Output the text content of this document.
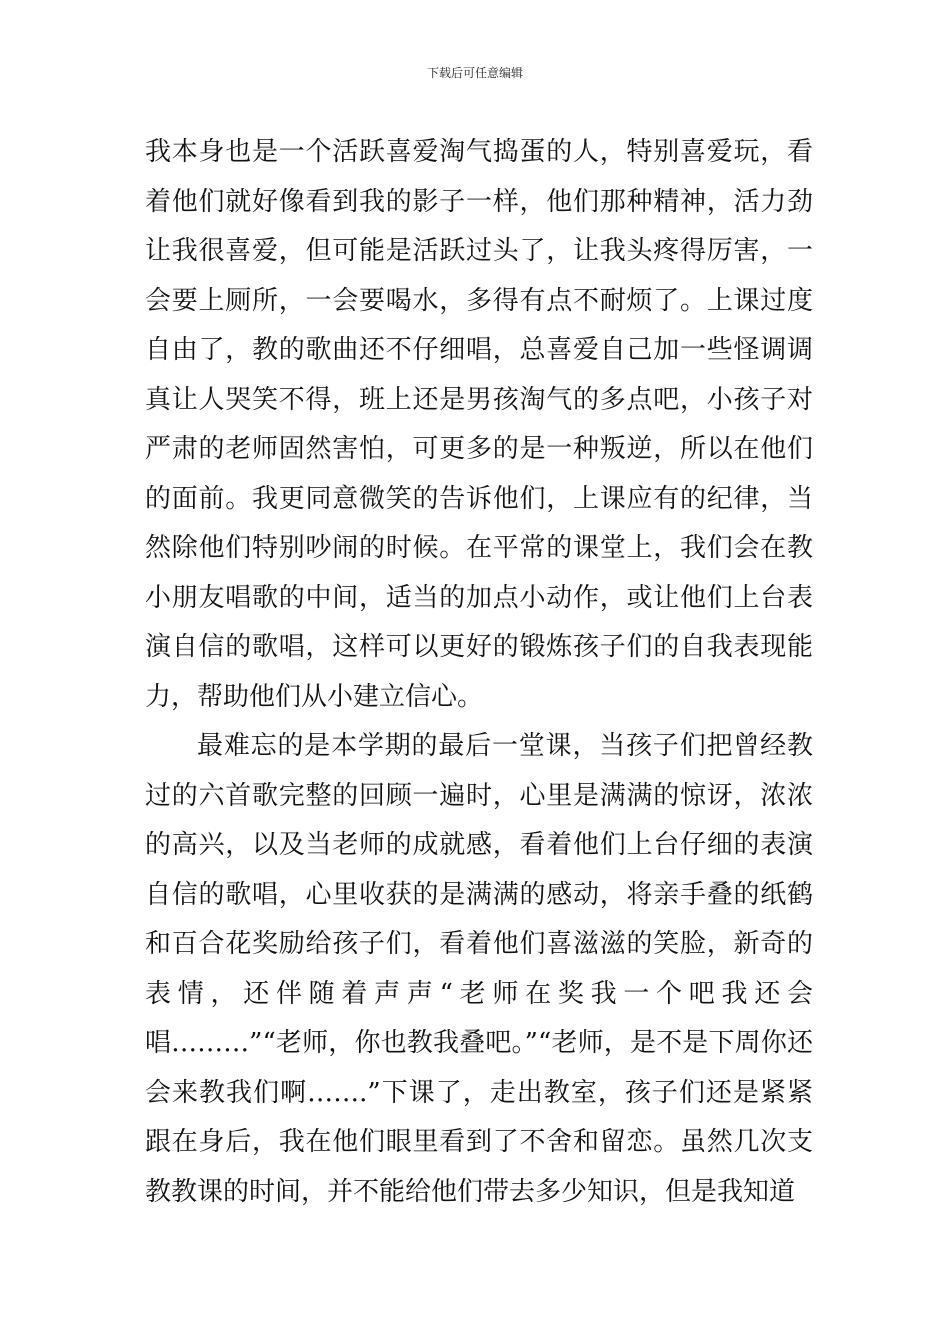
下载后可任意编辑

我本身也是一个活跃喜爱淘气捣蛋的人，特别喜爱玩，看着他们就好像看到我的影子一样，他们那种精神，活力劲让我很喜爱，但可能是活跃过头了，让我头疼得厉害，一会要上厕所，一会要喝水，多得有点不耐烦了。上课过度自由了，教的歌曲还不仔细唱，总喜爱自己加一些怪调调真让人哭笑不得，班上还是男孩淘气的多点吧，小孩子对严肃的老师固然害怕，可更多的是一种叛逆，所以在他们的面前。我更同意微笑的告诉他们，上课应有的纪律，当然除他们特别吵闹的时候。在平常的课堂上，我们会在教小朋友唱歌的中间，适当的加点小动作，或让他们上台表演自信的歌唱，这样可以更好的锻炼孩子们的自我表现能力，帮助他们从小建立信心。

最难忘的是本学期的最后一堂课，当孩子们把曾经教过的六首歌完整的回顾一遍时，心里是满满的惊讶，浓浓的高兴，以及当老师的成就感，看着他们上台仔细的表演自信的歌唱，心里收获的是满满的感动，将亲手叠的纸鹤和百合花奖励给孩子们，看着他们喜滋滋的笑脸，新奇的表情，还伴随着声声“老师在奖我一个吧我还会唱………”“老师，你也教我叠吧。”“老师，是不是下周你还会来教我们啊…….”下课了，走出教室，孩子们还是紧紧跟在身后，我在他们眼里看到了不舍和留恋。虽然几次支教教课的时间，并不能给他们带去多少知识，但是我知道
